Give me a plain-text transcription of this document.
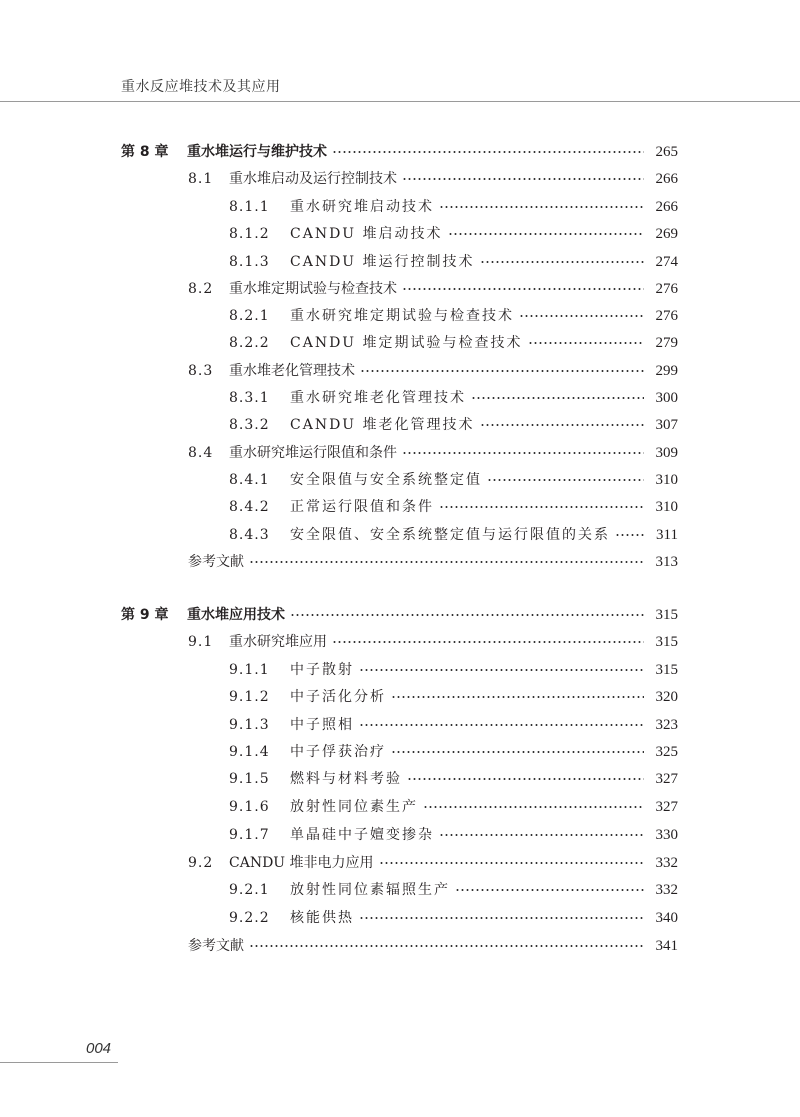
重水反应堆技术及其应用
第 8 章	重水堆运行与维护技术	265
8.1	重水堆启动及运行控制技术	266
8.1.1	重水研究堆启动技术	266
8.1.2	CANDU 堆启动技术	269
8.1.3	CANDU 堆运行控制技术	274
8.2	重水堆定期试验与检查技术	276
8.2.1	重水研究堆定期试验与检查技术	276
8.2.2	CANDU 堆定期试验与检查技术	279
8.3	重水堆老化管理技术	299
8.3.1	重水研究堆老化管理技术	300
8.3.2	CANDU 堆老化管理技术	307
8.4	重水研究堆运行限值和条件	309
8.4.1	安全限值与安全系统整定值	310
8.4.2	正常运行限值和条件	310
8.4.3	安全限值、安全系统整定值与运行限值的关系	311
参考文献	313
第 9 章	重水堆应用技术	315
9.1	重水研究堆应用	315
9.1.1	中子散射	315
9.1.2	中子活化分析	320
9.1.3	中子照相	323
9.1.4	中子俘获治疗	325
9.1.5	燃料与材料考验	327
9.1.6	放射性同位素生产	327
9.1.7	单晶硅中子嬗变掺杂	330
9.2	CANDU 堆非电力应用	332
9.2.1	放射性同位素辐照生产	332
9.2.2	核能供热	340
参考文献	341
004
